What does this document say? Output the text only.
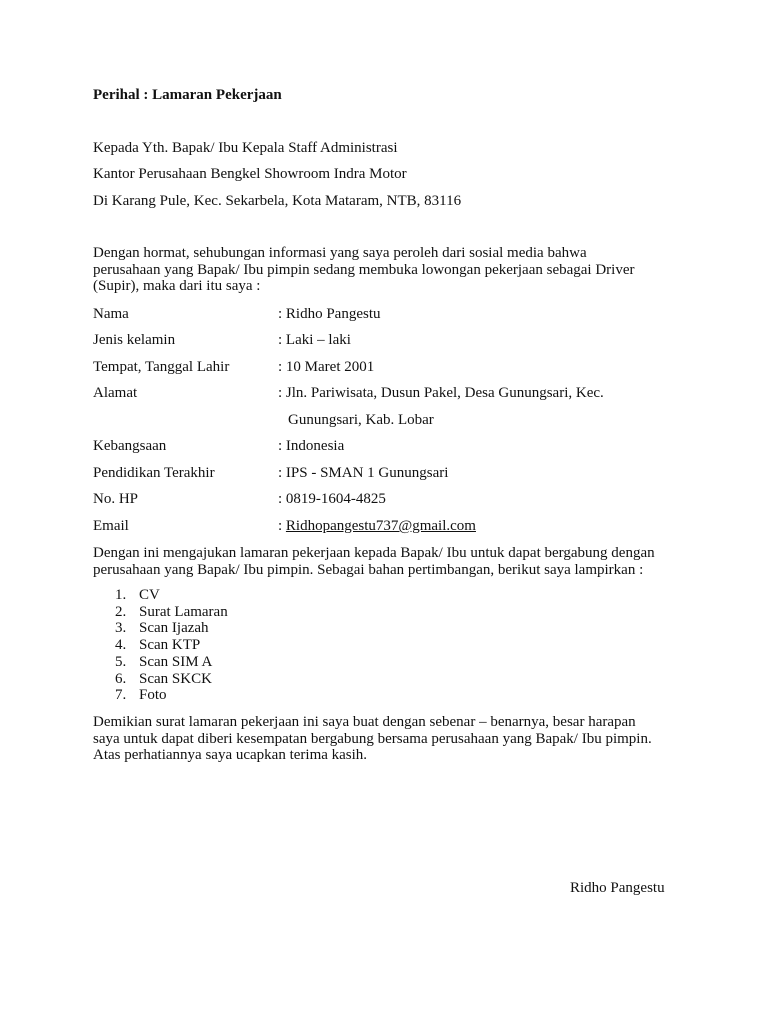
Perihal : Lamaran Pekerjaan
Kepada Yth. Bapak/ Ibu Kepala Staff Administrasi
Kantor Perusahaan Bengkel Showroom Indra Motor
Di Karang Pule, Kec. Sekarbela, Kota Mataram, NTB, 83116
Dengan hormat, sehubungan informasi yang saya peroleh dari sosial media bahwa
perusahaan yang Bapak/ Ibu pimpin sedang membuka lowongan pekerjaan sebagai Driver
(Supir), maka dari itu saya :
Nama	: Ridho Pangestu
Jenis kelamin	: Laki – laki
Tempat, Tanggal Lahir	: 10 Maret 2001
Alamat	: Jln. Pariwisata, Dusun Pakel, Desa Gunungsari, Kec.
Gunungsari, Kab. Lobar
Kebangsaan	: Indonesia
Pendidikan Terakhir	: IPS - SMAN 1 Gunungsari
No. HP	: 0819-1604-4825
Email	: Ridhopangestu737@gmail.com
Dengan ini mengajukan lamaran pekerjaan kepada Bapak/ Ibu untuk dapat bergabung dengan
perusahaan yang Bapak/ Ibu pimpin. Sebagai bahan pertimbangan, berikut saya lampirkan :
1. CV
2. Surat Lamaran
3. Scan Ijazah
4. Scan KTP
5. Scan SIM A
6. Scan SKCK
7. Foto
Demikian surat lamaran pekerjaan ini saya buat dengan sebenar – benarnya, besar harapan
saya untuk dapat diberi kesempatan bergabung bersama perusahaan yang Bapak/ Ibu pimpin.
Atas perhatiannya saya ucapkan terima kasih.
Ridho Pangestu
